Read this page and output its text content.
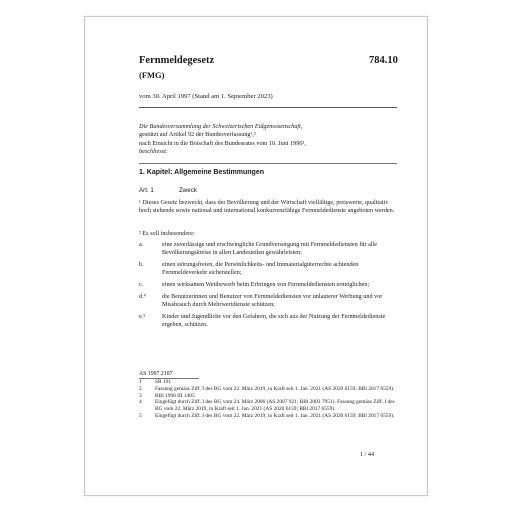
Fernmeldegesetz
(FMG)
784.10
vom 30. April 1997 (Stand am 1. September 2023)
Die Bundesversammlung der Schweizerischen Eidgenossenschaft,
gestützt auf Artikel 92 der Bundesverfassung¹,²
nach Einsicht in die Botschaft des Bundesrates vom 10. Juni 1996³,
beschliesst:
1. Kapitel: Allgemeine Bestimmungen
Art. 1	Zweck
¹ Dieses Gesetz bezweckt, dass der Bevölkerung und der Wirtschaft vielfältige, preiswerte, qualitativ hoch stehende sowie national und international konkurrenzfähige Fernmeldedienste angeboten werden.
² Es soll insbesondere:
a.	eine zuverlässige und erschwingliche Grundversorgung mit Fernmeldediensten für alle Bevölkerungskreise in allen Landesteilen gewährleisten;
b.	einen störungsfreien, die Persönlichkeits- und Immaterialgüterrechte achtenden Fernmeldeverkehr sicherstellen;
c.	einen wirksamen Wettbewerb beim Erbringen von Fernmeldediensten ermöglichen;
d.⁴	die Benutzerinnen und Benutzer von Fernmeldediensten vor unlauterer Werbung und vor Missbrauch durch Mehrwertdienste schützen;
e.⁵	Kinder und Jugendliche vor den Gefahren, die sich aus der Nutzung der Fernmeldedienste ergeben, schützen.
AS 1997 2187
1 SR 101
2 Fassung gemäss Ziff. I des BG vom 22. März 2019, in Kraft seit 1. Jan. 2021 (AS 2020 6159; BBl 2017 6559).
3 BBl 1996 III 1405
4 Eingefügt durch Ziff. I des BG vom 24. März 2006 (AS 2007 921; BBl 2003 7951). Fassung gemäss Ziff. I des BG vom 22. März 2019, in Kraft seit 1. Jan. 2021 (AS 2020 6159; BBl 2017 6559).
5 Eingefügt durch Ziff. I des BG vom 22. März 2019, in Kraft seit 1. Jan. 2021 (AS 2020 6159; BBl 2017 6559).
1 / 44
